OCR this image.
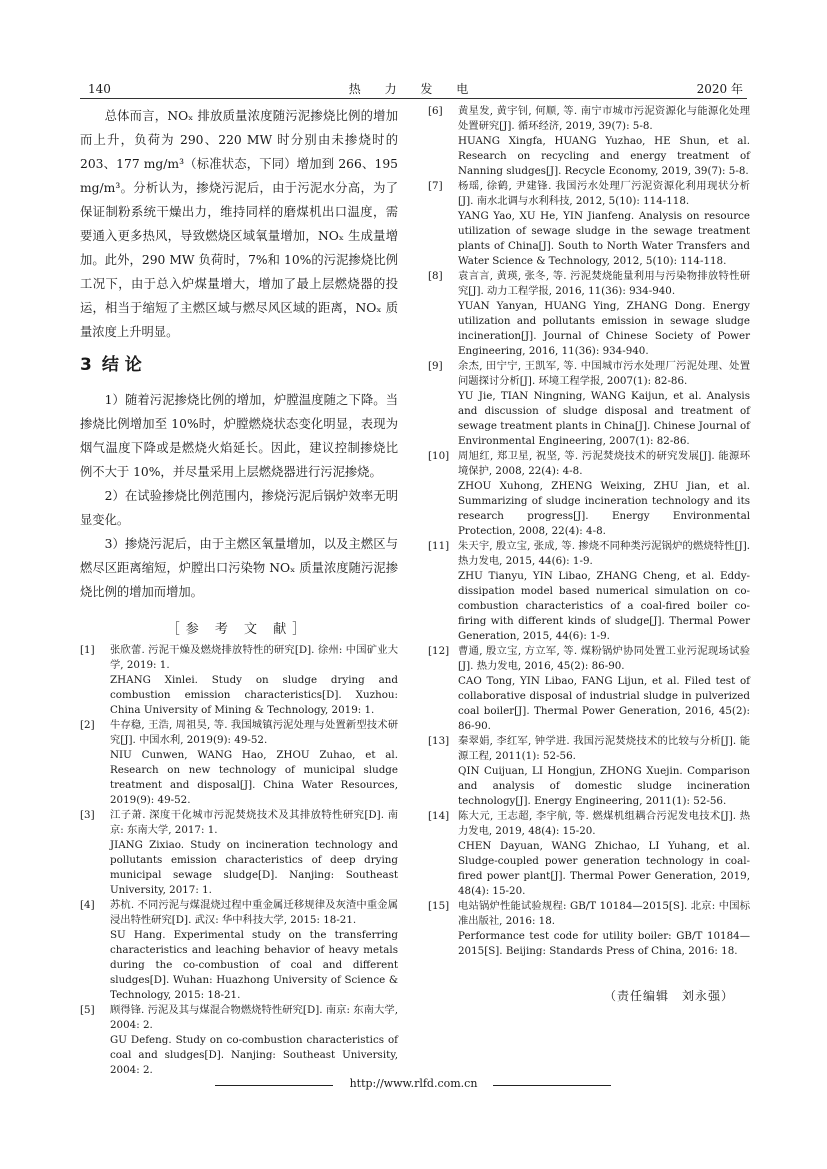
140	热 力 发 电	2020 年

总体而言，NOₓ 排放质量浓度随污泥掺烧比例的增加而上升，负荷为 290、220 MW 时分别由未掺烧时的 203、177 mg/m³（标准状态，下同）增加到 266、195 mg/m³。分析认为，掺烧污泥后，由于污泥水分高，为了保证制粉系统干燥出力，维持同样的磨煤机出口温度，需要通入更多热风，导致燃烧区域氧量增加，NOₓ 生成量增加。此外，290 MW 负荷时，7%和 10%的污泥掺烧比例工况下，由于总入炉煤量增大，增加了最上层燃烧器的投运，相当于缩短了主燃区域与燃尽风区域的距离，NOₓ 质量浓度上升明显。

3 结 论

1）随着污泥掺烧比例的增加，炉膛温度随之下降。当掺烧比例增加至 10%时，炉膛燃烧状态变化明显，表现为烟气温度下降或是燃烧火焰延长。因此，建议控制掺烧比例不大于 10%，并尽量采用上层燃烧器进行污泥掺烧。

2）在试验掺烧比例范围内，掺烧污泥后锅炉效率无明显变化。

3）掺烧污泥后，由于主燃区氧量增加，以及主燃区与燃尽区距离缩短，炉膛出口污染物 NOₓ 质量浓度随污泥掺烧比例的增加而增加。

［参 考 文 献］

[1] 张欣蕾. 污泥干燥及燃烧排放特性的研究[D]. 徐州: 中国矿业大学, 2019: 1.
ZHANG Xinlei. Study on sludge drying and combustion emission characteristics[D]. Xuzhou: China University of Mining & Technology, 2019: 1.

[2] 牛存稳, 王浩, 周祖昊, 等. 我国城镇污泥处理与处置新型技术研究[J]. 中国水利, 2019(9): 49-52.
NIU Cunwen, WANG Hao, ZHOU Zuhao, et al. Research on new technology of municipal sludge treatment and disposal[J]. China Water Resources, 2019(9): 49-52.

[3] 江子萧. 深度干化城市污泥焚烧技术及其排放特性研究[D]. 南京: 东南大学, 2017: 1.
JIANG Zixiao. Study on incineration technology and pollutants emission characteristics of deep drying municipal sewage sludge[D]. Nanjing: Southeast University, 2017: 1.

[4] 苏杭. 不同污泥与煤混烧过程中重金属迁移规律及灰渣中重金属浸出特性研究[D]. 武汉: 华中科技大学, 2015: 18-21.
SU Hang. Experimental study on the transferring characteristics and leaching behavior of heavy metals during the co-combustion of coal and different sludges[D]. Wuhan: Huazhong University of Science & Technology, 2015: 18-21.

[5] 顾得锋. 污泥及其与煤混合物燃烧特性研究[D]. 南京: 东南大学, 2004: 2.
GU Defeng. Study on co-combustion characteristics of coal and sludges[D]. Nanjing: Southeast University, 2004: 2.

[6] 黄星发, 黄宇钊, 何顺, 等. 南宁市城市污泥资源化与能源化处理处置研究[J]. 循环经济, 2019, 39(7): 5-8.
HUANG Xingfa, HUANG Yuzhao, HE Shun, et al. Research on recycling and energy treatment of Nanning sludges[J]. Recycle Economy, 2019, 39(7): 5-8.

[7] 杨瑶, 徐鹤, 尹建锋. 我国污水处理厂污泥资源化利用现状分析[J]. 南水北调与水利科技, 2012, 5(10): 114-118.
YANG Yao, XU He, YIN Jianfeng. Analysis on resource utilization of sewage sludge in the sewage treatment plants of China[J]. South to North Water Transfers and Water Science & Technology, 2012, 5(10): 114-118.

[8] 袁言言, 黄瑛, 张冬, 等. 污泥焚烧能量利用与污染物排放特性研究[J]. 动力工程学报, 2016, 11(36): 934-940.
YUAN Yanyan, HUANG Ying, ZHANG Dong. Energy utilization and pollutants emission in sewage sludge incineration[J]. Journal of Chinese Society of Power Engineering, 2016, 11(36): 934-940.

[9] 余杰, 田宁宁, 王凯军, 等. 中国城市污水处理厂污泥处理、处置问题探讨分析[J]. 环境工程学报, 2007(1): 82-86.
YU Jie, TIAN Ningning, WANG Kaijun, et al. Analysis and discussion of sludge disposal and treatment of sewage treatment plants in China[J]. Chinese Journal of Environmental Engineering, 2007(1): 82-86.

[10] 周旭红, 郑卫星, 祝坚, 等. 污泥焚烧技术的研究发展[J]. 能源环境保护, 2008, 22(4): 4-8.
ZHOU Xuhong, ZHENG Weixing, ZHU Jian, et al. Summarizing of sludge incineration technology and its research progress[J]. Energy Environmental Protection, 2008, 22(4): 4-8.

[11] 朱天宇, 殷立宝, 张成, 等. 掺烧不同种类污泥锅炉的燃烧特性[J]. 热力发电, 2015, 44(6): 1-9.
ZHU Tianyu, YIN Libao, ZHANG Cheng, et al. Eddy-dissipation model based numerical simulation on co-combustion characteristics of a coal-fired boiler co-firing with different kinds of sludge[J]. Thermal Power Generation, 2015, 44(6): 1-9.

[12] 曹通, 殷立宝, 方立军, 等. 煤粉锅炉协同处置工业污泥现场试验[J]. 热力发电, 2016, 45(2): 86-90.
CAO Tong, YIN Libao, FANG Lijun, et al. Filed test of collaborative disposal of industrial sludge in pulverized coal boiler[J]. Thermal Power Generation, 2016, 45(2): 86-90.

[13] 秦翠娟, 李红军, 钟学进. 我国污泥焚烧技术的比较与分析[J]. 能源工程, 2011(1): 52-56.
QIN Cuijuan, LI Hongjun, ZHONG Xuejin. Comparison and analysis of domestic sludge incineration technology[J]. Energy Engineering, 2011(1): 52-56.

[14] 陈大元, 王志超, 李宇航, 等. 燃煤机组耦合污泥发电技术[J]. 热力发电, 2019, 48(4): 15-20.
CHEN Dayuan, WANG Zhichao, LI Yuhang, et al. Sludge-coupled power generation technology in coal-fired power plant[J]. Thermal Power Generation, 2019, 48(4): 15-20.

[15] 电站锅炉性能试验规程: GB/T 10184—2015[S]. 北京: 中国标准出版社, 2016: 18.
Performance test code for utility boiler: GB/T 10184—2015[S]. Beijing: Standards Press of China, 2016: 18.

（责任编辑　刘永强）
http://www.rlfd.com.cn
